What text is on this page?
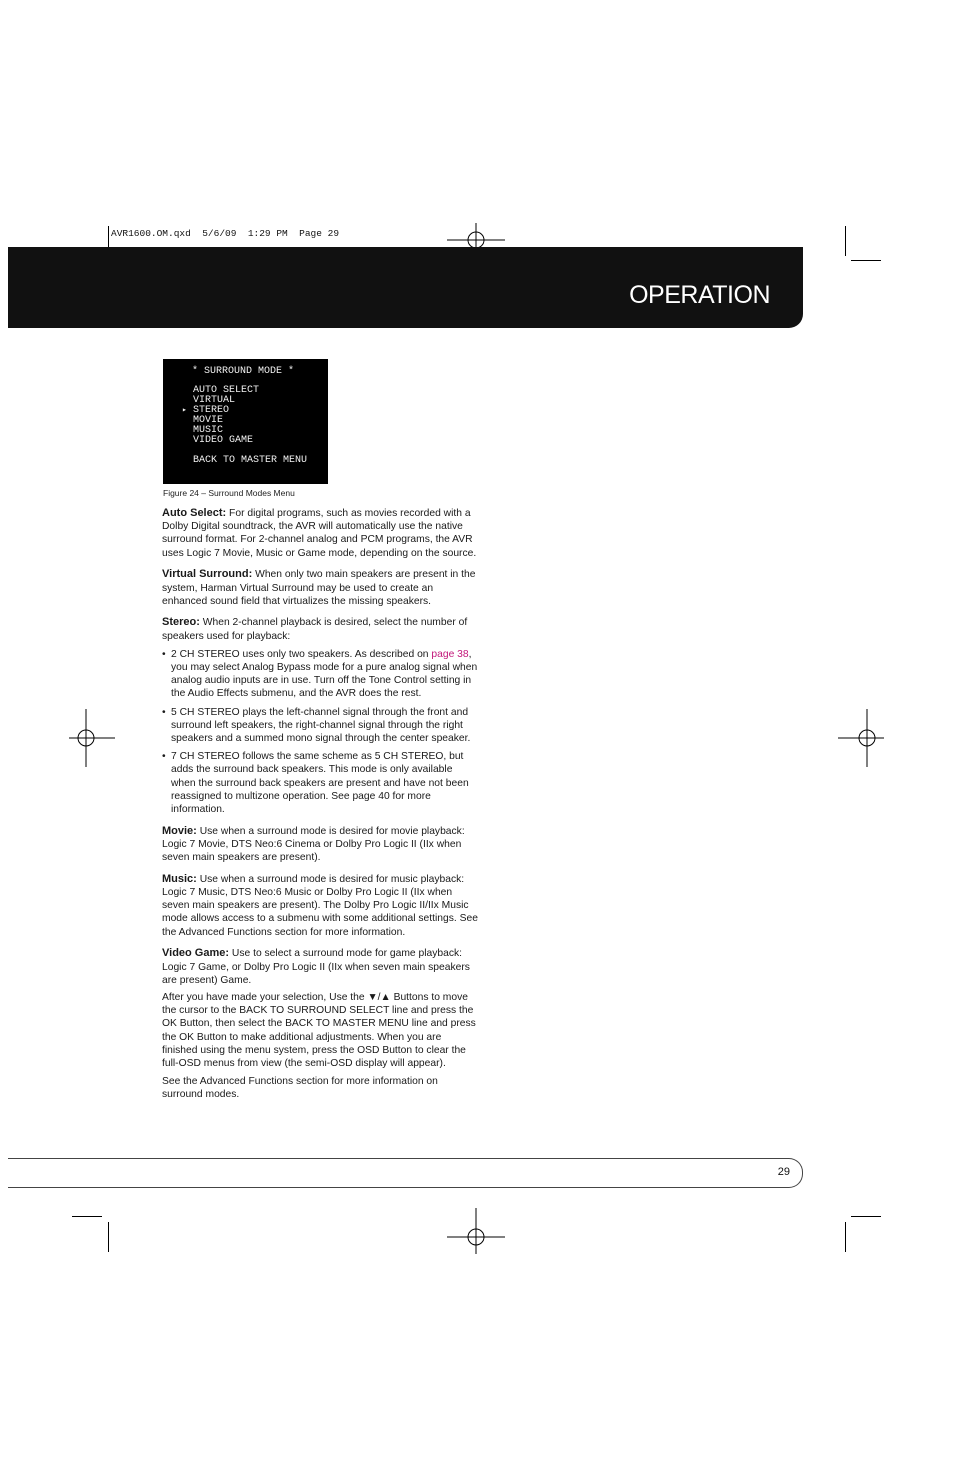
AVR1600.OM.qxd  5/6/09  1:29 PM  Page 29
OPERATION
* SURROUND MODE *
AUTO SELECT
VIRTUAL
▸ STEREO
MOVIE
MUSIC
VIDEO GAME
BACK TO MASTER MENU
Figure 24 – Surround Modes Menu

Auto Select: For digital programs, such as movies recorded with a Dolby Digital soundtrack, the AVR will automatically use the native surround format. For 2-channel analog and PCM programs, the AVR uses Logic 7 Movie, Music or Game mode, depending on the source.

Virtual Surround: When only two main speakers are present in the system, Harman Virtual Surround may be used to create an enhanced sound field that virtualizes the missing speakers.

Stereo: When 2-channel playback is desired, select the number of speakers used for playback:

• 2 CH STEREO uses only two speakers. As described on page 38, you may select Analog Bypass mode for a pure analog signal when analog audio inputs are in use. Turn off the Tone Control setting in the Audio Effects submenu, and the AVR does the rest.
• 5 CH STEREO plays the left-channel signal through the front and surround left speakers, the right-channel signal through the right speakers and a summed mono signal through the center speaker.
• 7 CH STEREO follows the same scheme as 5 CH STEREO, but adds the surround back speakers. This mode is only available when the surround back speakers are present and have not been reassigned to multizone operation. See page 40 for more information.

Movie: Use when a surround mode is desired for movie playback: Logic 7 Movie, DTS Neo:6 Cinema or Dolby Pro Logic II (IIx when seven main speakers are present).

Music: Use when a surround mode is desired for music playback: Logic 7 Music, DTS Neo:6 Music or Dolby Pro Logic II (IIx when seven main speakers are present). The Dolby Pro Logic II/IIx Music mode allows access to a submenu with some additional settings. See the Advanced Functions section for more information.

Video Game: Use to select a surround mode for game playback: Logic 7 Game, or Dolby Pro Logic II (IIx when seven main speakers are present) Game.

After you have made your selection, Use the ▼/▲ Buttons to move the cursor to the BACK TO SURROUND SELECT line and press the OK Button, then select the BACK TO MASTER MENU line and press the OK Button to make additional adjustments. When you are finished using the menu system, press the OSD Button to clear the full-OSD menus from view (the semi-OSD display will appear).

See the Advanced Functions section for more information on surround modes.

29
